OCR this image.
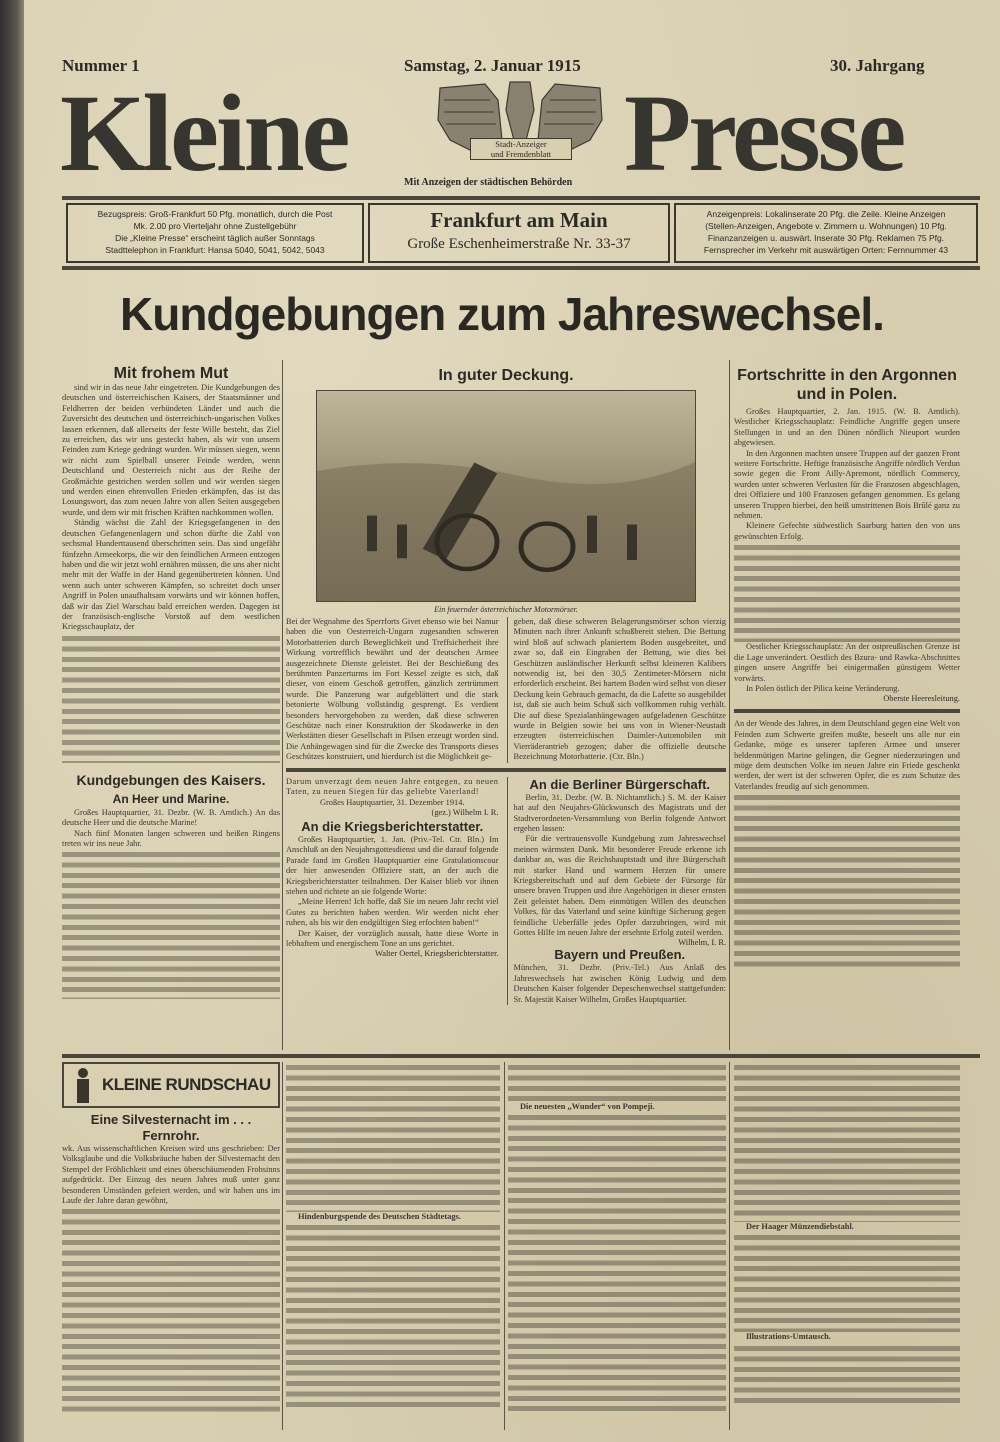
Nummer 1	Samstag, 2. Januar 1915	30. Jahrgang
Kleine	Presse
Stadt-Anzeiger
und Fremdenblatt
Mit Anzeigen der städtischen Behörden
Bezugspreis: Groß-Frankfurt 50 Pfg. monatlich, durch die Post
Mk. 2.00 pro Vierteljahr ohne Zustellgebühr
Die „Kleine Presse“ erscheint täglich außer Sonntags
Stadttelephon in Frankfurt: Hansa 5040, 5041, 5042, 5043
Frankfurt am Main
Große Eschenheimerstraße Nr. 33-37
Anzeigenpreis: Lokalinserate 20 Pfg. die Zeile. Kleine Anzeigen
(Stellen-Anzeigen, Angebote v. Zimmern u. Wohnungen) 10 Pfg.
Finanzanzeigen u. auswärt. Inserate 30 Pfg. Reklamen 75 Pfg.
Fernsprecher im Verkehr mit auswärtigen Orten: Fernnummer 43
Kundgebungen zum Jahreswechsel.
Mit frohem Mut

sind wir in das neue Jahr eingetreten. Die Kundgebungen des deutschen und österreichischen Kaisers, der Staatsmänner und Feldherren der beiden verbündeten Länder und auch die Zuversicht des deutschen und österreichisch-ungarischen Volkes lassen erkennen, daß allerseits der feste Wille besteht, das Ziel zu erreichen, das wir uns gesteckt haben, als wir von unsern Feinden zum Kriege gedrängt wurden. Wir müssen siegen, wenn wir nicht zum Spielball unserer Feinde werden, wenn Deutschland und Oesterreich nicht aus der Reihe der Großmächte gestrichen werden sollen und wir werden siegen und werden einen ehrenvollen Frieden erkämpfen, das ist das Losungswort, das zum neuen Jahre von allen Seiten ausgegeben wurde, und dem wir mit frischen Kräften nachkommen wollen.

Ständig wächst die Zahl der Kriegsgefangenen in den deutschen Gefangenenlagern und schon dürfte die Zahl von sechsmal Hunderttausend überschritten sein. Das sind ungefähr fünfzehn Armeekorps, die wir den feindlichen Armeen entzogen haben und die wir jetzt wohl ernähren müssen, die uns aber nicht mehr mit der Waffe in der Hand gegenübertreten können. Und wenn auch unter schweren Kämpfen, so schreitet doch unser Angriff in Polen unaufhaltsam vorwärts und wir können hoffen, daß wir das Ziel Warschau bald erreichen werden. Dagegen ist der französisch-englische Vorstoß auf dem westlichen Kriegsschauplatz, der

Kundgebungen des Kaisers.
An Heer und Marine.

Großes Hauptquartier, 31. Dezbr. (W. B. Amtlich.) An das deutsche Heer und die deutsche Marine!

Nach fünf Monaten langen schweren und heißen Ringens treten wir ins neue Jahr.

In guter Deckung.
Ein feuernder österreichischer Motormörser.
Bei der Wegnahme des Sperrforts Givet ebenso wie bei Namur haben die von Oesterreich-Ungarn zugesandten schweren Motorbatterien durch Beweglichkeit und Treffsicherheit ihre Wirkung vortrefflich bewährt und der deutschen Armee ausgezeichnete Dienste geleistet. Bei der Beschießung des berühmten Panzerturms im Fort Kessel zeigte es sich, daß dieser, von einem Geschoß getroffen, gänzlich zertrümmert wurde. Die Panzerung war aufgeblättert und die stark betonierte Wölbung vollständig gesprengt. Es verdient besonders hervorgehoben zu werden, daß diese schweren Geschütze nach einer Konstruktion der Skodawerke in den Werkstätten dieser Gesellschaft in Pilsen erzeugt worden sind. Die Anhängewagen sind für die Zwecke des Transports dieses Geschützes konstruiert, und hierdurch ist die Möglichkeit ge-
geben, daß diese schweren Belagerungsmörser schon vierzig Minuten nach ihrer Ankunft schußbereit stehen. Die Bettung wird bloß auf schwach planiertem Boden ausgebreitet, und zwar so, daß ein Eingraben der Bettung, wie dies bei Geschützen ausländischer Herkunft selbst kleineren Kalibers notwendig ist, bei den 30,5 Zentimeter-Mörsern nicht erforderlich erscheint. Bei hartem Boden wird selbst von dieser Deckung kein Gebrauch gemacht, da die Lafette so ausgebildet ist, daß sie auch beim Schuß sich vollkommen ruhig verhält. Die auf diese Spezialanhängewagen aufgeladenen Geschütze wurde in Belgien sowie bei uns von in Wiener-Neustadt erzeugten österreichischen Daimler-Automobilen mit Vierräderantrieb gezogen; daher die offizielle deutsche Bezeichnung Motorbatterie. (Ctr. Bln.)
Darum unverzagt dem neuen Jahre entgegen, zu neuen Taten, zu neuen Siegen für das geliebte Vaterland!
Großes Hauptquartier, 31. Dezember 1914.
(gez.) Wilhelm I. R.
An die Kriegsberichterstatter.

Großes Hauptquartier, 1. Jan. (Priv.-Tel. Ctr. Bln.) Im Anschluß an den Neujahrsgottesdienst und die darauf folgende Parade fand im Großen Hauptquartier eine Gratulationscour der hier anwesenden Offiziere statt, an der auch die Kriegsberichterstatter teilnahmen. Der Kaiser blieb vor ihnen stehen und richtete an sie folgende Worte:

„Meine Herren! Ich hoffe, daß Sie im neuen Jahr recht viel Gutes zu berichten haben werden. Wir werden nicht eher ruhen, als bis wir den endgültigen Sieg erfochten haben!“

Der Kaiser, der vorzüglich aussah, hatte diese Worte in lebhaftem und energischem Tone an uns gerichtet.

Walter Oertel, Kriegsberichterstatter.
An die Berliner Bürgerschaft.

Berlin, 31. Dezbr. (W. B. Nichtamtlich.) S. M. der Kaiser hat auf den Neujahrs-Glückwunsch des Magistrats und der Stadtverordneten-Versammlung von Berlin folgende Antwort ergehen lassen:

Für die vertrauensvolle Kundgebung zum Jahreswechsel meinen wärmsten Dank. Mit besonderer Freude erkenne ich dankbar an, was die Reichshauptstadt und ihre Bürgerschaft mit starker Hand und warmem Herzen für unsere Kriegsbereitschaft und auf dem Gebiete der Fürsorge für unsere braven Truppen und ihre Angehörigen in dieser ernsten Zeit geleistet haben. Dem einmütigen Willen des deutschen Volkes, für das Vaterland und seine künftige Sicherung gegen feindliche Ueberfälle jedes Opfer darzubringen, wird mit Gottes Hilfe im neuen Jahre der ersehnte Erfolg zuteil werden.

Wilhelm, I. R.
Bayern und Preußen.
München, 31. Dezbr. (Priv.-Tel.) Aus Anlaß des Jahreswechsels hat zwischen König Ludwig und dem Deutschen Kaiser folgender Depeschenwechsel stattgefunden: Sr. Majestät Kaiser Wilhelm, Großes Hauptquartier.
Fortschritte in den Argonnen und in Polen.

Großes Hauptquartier, 2. Jan. 1915. (W. B. Amtlich). Westlicher Kriegsschauplatz: Feindliche Angriffe gegen unsere Stellungen in und an den Dünen nördlich Nieuport wurden abgewiesen.

In den Argonnen machten unsere Truppen auf der ganzen Front weitere Fortschritte. Heftige französische Angriffe nördlich Verdun sowie gegen die Front Ailly-Apremont, nördlich Commercy, wurden unter schweren Verlusten für die Franzosen abgeschlagen, drei Offiziere und 100 Franzosen gefangen genommen. Es gelang unseren Truppen hierbei, den heiß umstrittenen Bois Brûlé ganz zu nehmen.

Kleinere Gefechte südwestlich Saarburg hatten den von uns gewünschten Erfolg.

Oestlicher Kriegsschauplatz: An der ostpreußischen Grenze ist die Lage unverändert. Oestlich des Bzura- und Rawka-Abschnittes gingen unsere Angriffe bei einigermaßen günstigem Wetter vorwärts.

In Polen östlich der Pilica keine Veränderung.

Oberste Heeresleitung.
An der Wende des Jahres, in dem Deutschland gegen eine Welt von Feinden zum Schwerte greifen mußte, beseelt uns alle nur ein Gedanke, möge es unserer tapferen Armee und unserer heldenmütigen Marine gelingen, die Gegner niederzuringen und möge dem deutschen Volke im neuen Jahre ein Friede geschenkt werden, der wert ist der schweren Opfer, die es zum Schutze des Vaterlandes freudig auf sich genommen.
KLEINE RUNDSCHAU
Eine Silvesternacht im . . . Fernrohr.
wk. Aus wissenschaftlichen Kreisen wird uns geschrieben: Der Volksglaube und die Volksbräuche haben der Silvesternacht den Stempel der Fröhlichkeit und eines überschäumenden Frohsinns aufgedrückt. Der Einzug des neuen Jahres muß unter ganz besonderen Umständen gefeiert werden, und wir haben uns im Laufe der Jahre daran gewöhnt,
Hindenburgspende des Deutschen Städtetags.
Die neuesten „Wunder“ von Pompeji.
Der Haager Münzendiebstahl.
Illustrations-Umtausch.
